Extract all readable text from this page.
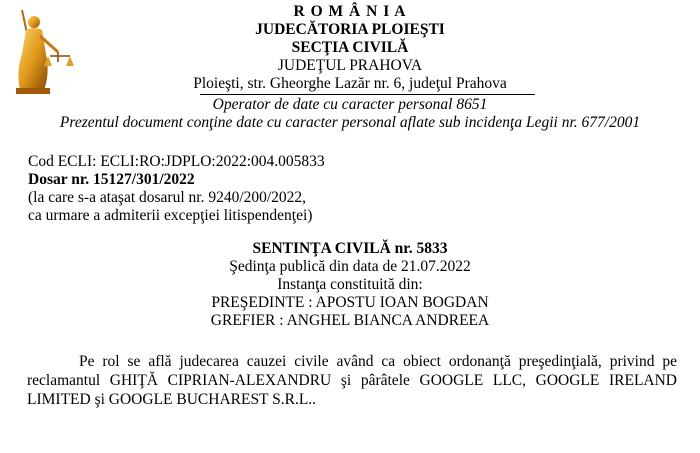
R O M Â N I A
JUDECĂTORIA PLOIEŞTI
SECŢIA CIVILĂ
JUDEŢUL PRAHOVA
Ploieşti, str. Gheorghe Lazăr nr. 6, judeţul Prahova
Operator de date cu caracter personal 8651
Prezentul document conţine date cu caracter personal aflate sub incidenţa Legii nr. 677/2001
Cod ECLI: ECLI:RO:JDPLO:2022:004.005833
Dosar nr. 15127/301/2022
(la care s-a ataşat dosarul nr. 9240/200/2022,
ca urmare a admiterii excepţiei litispendenţei)
SENTINŢA CIVILĂ nr. 5833
Şedinţa publică din data de 21.07.2022
Instanţa constituită din:
PREŞEDINTE : APOSTU IOAN BOGDAN
GREFIER : ANGHEL BIANCA ANDREEA
Pe rol se află judecarea cauzei civile având ca obiect ordonanţă preşedinţială, privind pe reclamantul GHIŢĂ CIPRIAN-ALEXANDRU şi pârâtele GOOGLE LLC, GOOGLE IRELAND LIMITED şi GOOGLE BUCHAREST S.R.L..
